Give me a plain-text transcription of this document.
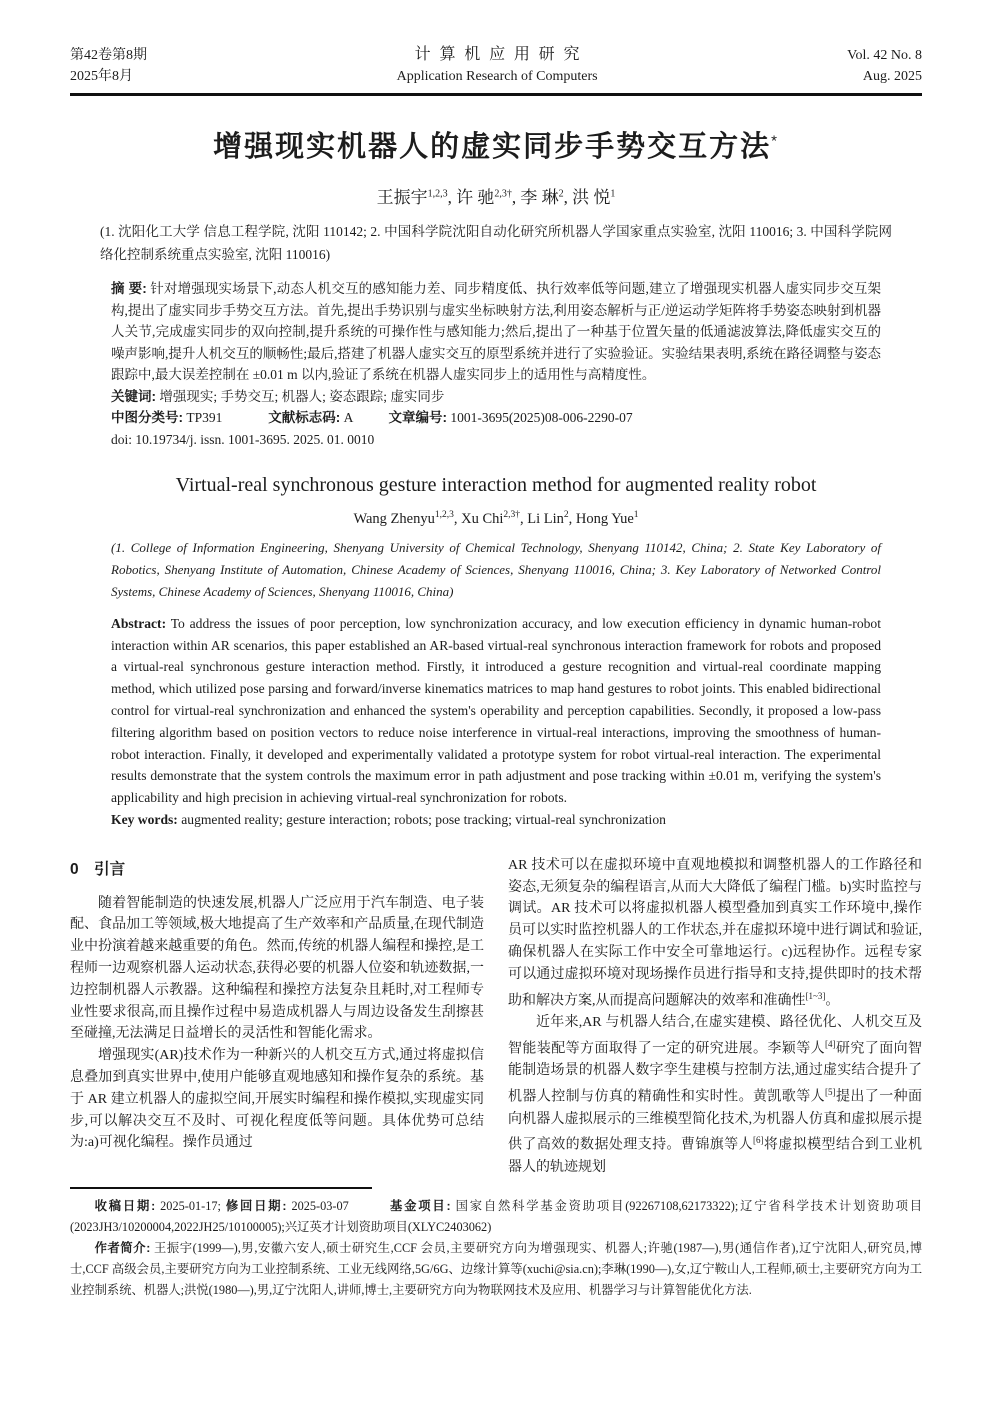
第42卷第8期
2025年8月
计算机应用研究
Application Research of Computers
Vol. 42 No. 8
Aug. 2025
增强现实机器人的虚实同步手势交互方法*
王振宇$^{1,2,3}$, 许 驰$^{2,3\dagger}$, 李 琳$^2$, 洪 悦$^1$

(1. 沈阳化工大学 信息工程学院, 沈阳 110142; 2. 中国科学院沈阳自动化研究所机器人学国家重点实验室, 沈阳 110016; 3. 中国科学院网络化控制系统重点实验室, 沈阳 110016)

摘 要: 针对增强现实场景下,动态人机交互的感知能力差、同步精度低、执行效率低等问题,建立了增强现实机器人虚实同步交互架构,提出了虚实同步手势交互方法。首先,提出手势识别与虚实坐标映射方法,利用姿态解析与正/逆运动学矩阵将手势姿态映射到机器人关节,完成虚实同步的双向控制,提升系统的可操作性与感知能力;然后,提出了一种基于位置矢量的低通滤波算法,降低虚实交互的噪声影响,提升人机交互的顺畅性;最后,搭建了机器人虚实交互的原型系统并进行了实验验证。实验结果表明,系统在路径调整与姿态跟踪中,最大误差控制在 ±0.01 m 以内,验证了系统在机器人虚实同步上的适用性与高精度性。

关键词: 增强现实; 手势交互; 机器人; 姿态跟踪; 虚实同步

中图分类号: TP391	文献标志码: A	文章编号: 1001-3695(2025)08-006-2290-07

doi: 10.19734/j. issn. 1001-3695. 2025. 01. 0010

Virtual-real synchronous gesture interaction method for augmented reality robot
Wang Zhenyu$^{1,2,3}$, Xu Chi$^{2,3\dagger}$, Li Lin$^2$, Hong Yue$^1$

(1. College of Information Engineering, Shenyang University of Chemical Technology, Shenyang 110142, China; 2. State Key Laboratory of Robotics, Shenyang Institute of Automation, Chinese Academy of Sciences, Shenyang 110016, China; 3. Key Laboratory of Networked Control Systems, Chinese Academy of Sciences, Shenyang 110016, China)

Abstract: To address the issues of poor perception, low synchronization accuracy, and low execution efficiency in dynamic human-robot interaction within AR scenarios, this paper established an AR-based virtual-real synchronous interaction framework for robots and proposed a virtual-real synchronous gesture interaction method. Firstly, it introduced a gesture recognition and virtual-real coordinate mapping method, which utilized pose parsing and forward/inverse kinematics matrices to map hand gestures to robot joints. This enabled bidirectional control for virtual-real synchronization and enhanced the system's operability and perception capabilities. Secondly, it proposed a low-pass filtering algorithm based on position vectors to reduce noise interference in virtual-real interactions, improving the smoothness of human-robot interaction. Finally, it developed and experimentally validated a prototype system for robot virtual-real interaction. The experimental results demonstrate that the system controls the maximum error in path adjustment and pose tracking within ±0.01 m, verifying the system's applicability and high precision in achieving virtual-real synchronization for robots.

Key words: augmented reality; gesture interaction; robots; pose tracking; virtual-real synchronization

0 引言

随着智能制造的快速发展,机器人广泛应用于汽车制造、电子装配、食品加工等领域,极大地提高了生产效率和产品质量,在现代制造业中扮演着越来越重要的角色。然而,传统的机器人编程和操控,是工程师一边观察机器人运动状态,获得必要的机器人位姿和轨迹数据,一边控制机器人示教器。这种编程和操控方法复杂且耗时,对工程师专业性要求很高,而且操作过程中易造成机器人与周边设备发生刮擦甚至碰撞,无法满足日益增长的灵活性和智能化需求。

增强现实(AR)技术作为一种新兴的人机交互方式,通过将虚拟信息叠加到真实世界中,使用户能够直观地感知和操作复杂的系统。基于 AR 建立机器人的虚拟空间,开展实时编程和操作模拟,实现虚实同步,可以解决交互不及时、可视化程度低等问题。具体优势可总结为:a)可视化编程。操作员通过

AR 技术可以在虚拟环境中直观地模拟和调整机器人的工作路径和姿态,无须复杂的编程语言,从而大大降低了编程门槛。b)实时监控与调试。AR 技术可以将虚拟机器人模型叠加到真实工作环境中,操作员可以实时监控机器人的工作状态,并在虚拟环境中进行调试和验证,确保机器人在实际工作中安全可靠地运行。c)远程协作。远程专家可以通过虚拟环境对现场操作员进行指导和支持,提供即时的技术帮助和解决方案,从而提高问题解决的效率和准确性[1~3]。

近年来,AR 与机器人结合,在虚实建模、路径优化、人机交互及智能装配等方面取得了一定的研究进展。李颖等人[4]研究了面向智能制造场景的机器人数字孪生建模与控制方法,通过虚实结合提升了机器人控制与仿真的精确性和实时性。黄凯歌等人[5]提出了一种面向机器人虚拟展示的三维模型简化技术,为机器人仿真和虚拟展示提供了高效的数据处理支持。曹锦旗等人[6]将虚拟模型结合到工业机器人的轨迹规划

收稿日期: 2025-01-17; 修回日期: 2025-03-07	基金项目: 国家自然科学基金资助项目(92267108,62173322);辽宁省科学技术计划资助项目(2023JH3/10200004,2022JH25/10100005);兴辽英才计划资助项目(XLYC2403062)

作者简介: 王振宇(1999—),男,安徽六安人,硕士研究生,CCF 会员,主要研究方向为增强现实、机器人;许驰(1987—),男(通信作者),辽宁沈阳人,研究员,博士,CCF 高级会员,主要研究方向为工业控制系统、工业无线网络,5G/6G、边缘计算等(xuchi@sia.cn);李琳(1990—),女,辽宁鞍山人,工程师,硕士,主要研究方向为工业控制系统、机器人;洪悦(1980—),男,辽宁沈阳人,讲师,博士,主要研究方向为物联网技术及应用、机器学习与计算智能优化方法.
